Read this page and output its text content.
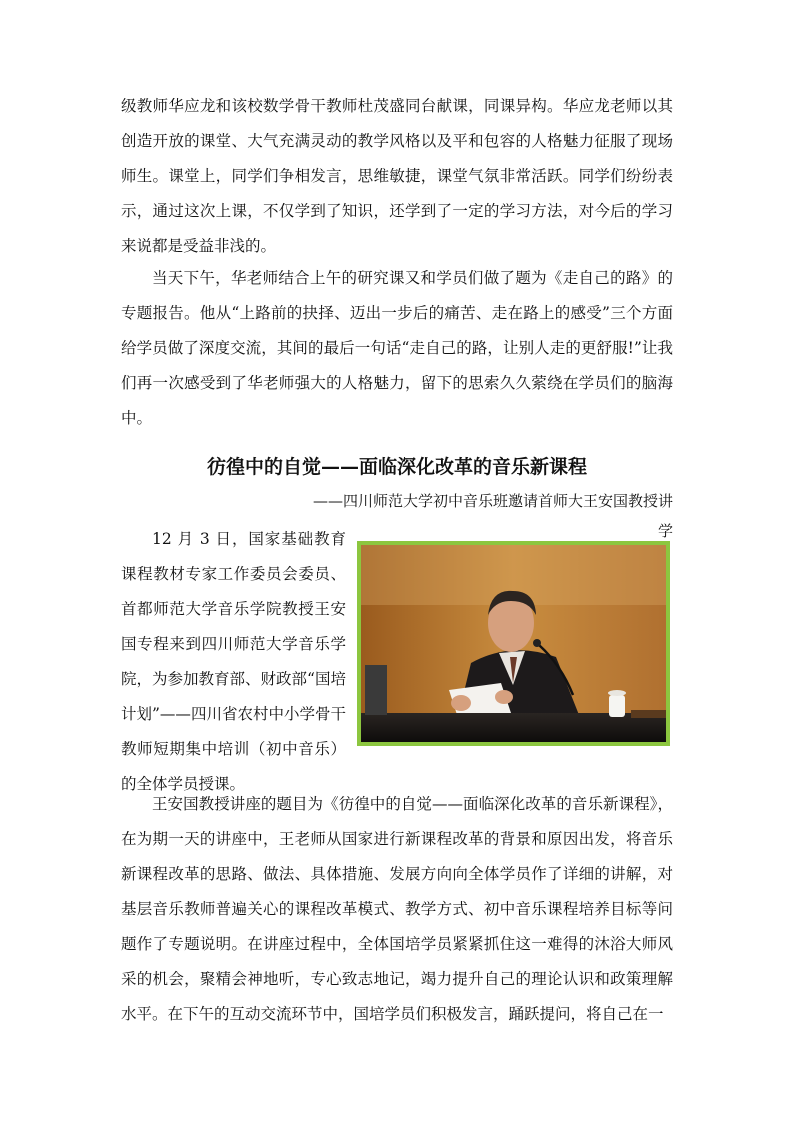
级教师华应龙和该校数学骨干教师杜茂盛同台献课，同课异构。华应龙老师以其创造开放的课堂、大气充满灵动的教学风格以及平和包容的人格魅力征服了现场师生。课堂上，同学们争相发言，思维敏捷，课堂气氛非常活跃。同学们纷纷表示，通过这次上课，不仅学到了知识，还学到了一定的学习方法，对今后的学习来说都是受益非浅的。

当天下午，华老师结合上午的研究课又和学员们做了题为《走自己的路》的专题报告。他从“上路前的抉择、迈出一步后的痛苦、走在路上的感受”三个方面给学员做了深度交流，其间的最后一句话“走自己的路，让别人走的更舒服!”让我们再一次感受到了华老师强大的人格魅力，留下的思索久久萦绕在学员们的脑海中。

彷徨中的自觉——面临深化改革的音乐新课程

——四川师范大学初中音乐班邀请首师大王安国教授讲学

12 月 3 日，国家基础教育课程教材专家工作委员会委员、首都师范大学音乐学院教授王安国专程来到四川师范大学音乐学院，为参加教育部、财政部“国培计划”——四川省农村中小学骨干教师短期集中培训（初中音乐）的全体学员授课。

王安国教授讲座的题目为《彷徨中的自觉——面临深化改革的音乐新课程》，在为期一天的讲座中，王老师从国家进行新课程改革的背景和原因出发，将音乐新课程改革的思路、做法、具体措施、发展方向向全体学员作了详细的讲解，对基层音乐教师普遍关心的课程改革模式、教学方式、初中音乐课程培养目标等问题作了专题说明。在讲座过程中，全体国培学员紧紧抓住这一难得的沐浴大师风采的机会，聚精会神地听，专心致志地记，竭力提升自己的理论认识和政策理解水平。在下午的互动交流环节中，国培学员们积极发言，踊跃提问，将自己在一
